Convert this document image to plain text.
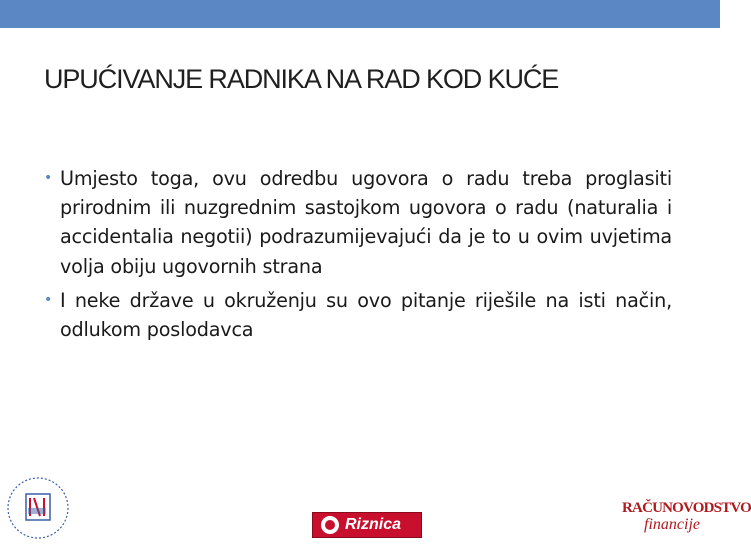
UPUĆIVANJE RADNIKA NA RAD KOD KUĆE

• Umjesto toga, ovu odredbu ugovora o radu treba proglasiti prirodnim ili nuzgrednim sastojkom ugovora o radu (naturalia i accidentalia negotii) podrazumijevajući da je to u ovim uvjetima volja obiju ugovornih strana

• I neke države u okruženju su ovo pitanje riješile na isti način, odlukom poslodavca

Riznica
RAČUNOVODSTVO
financije
